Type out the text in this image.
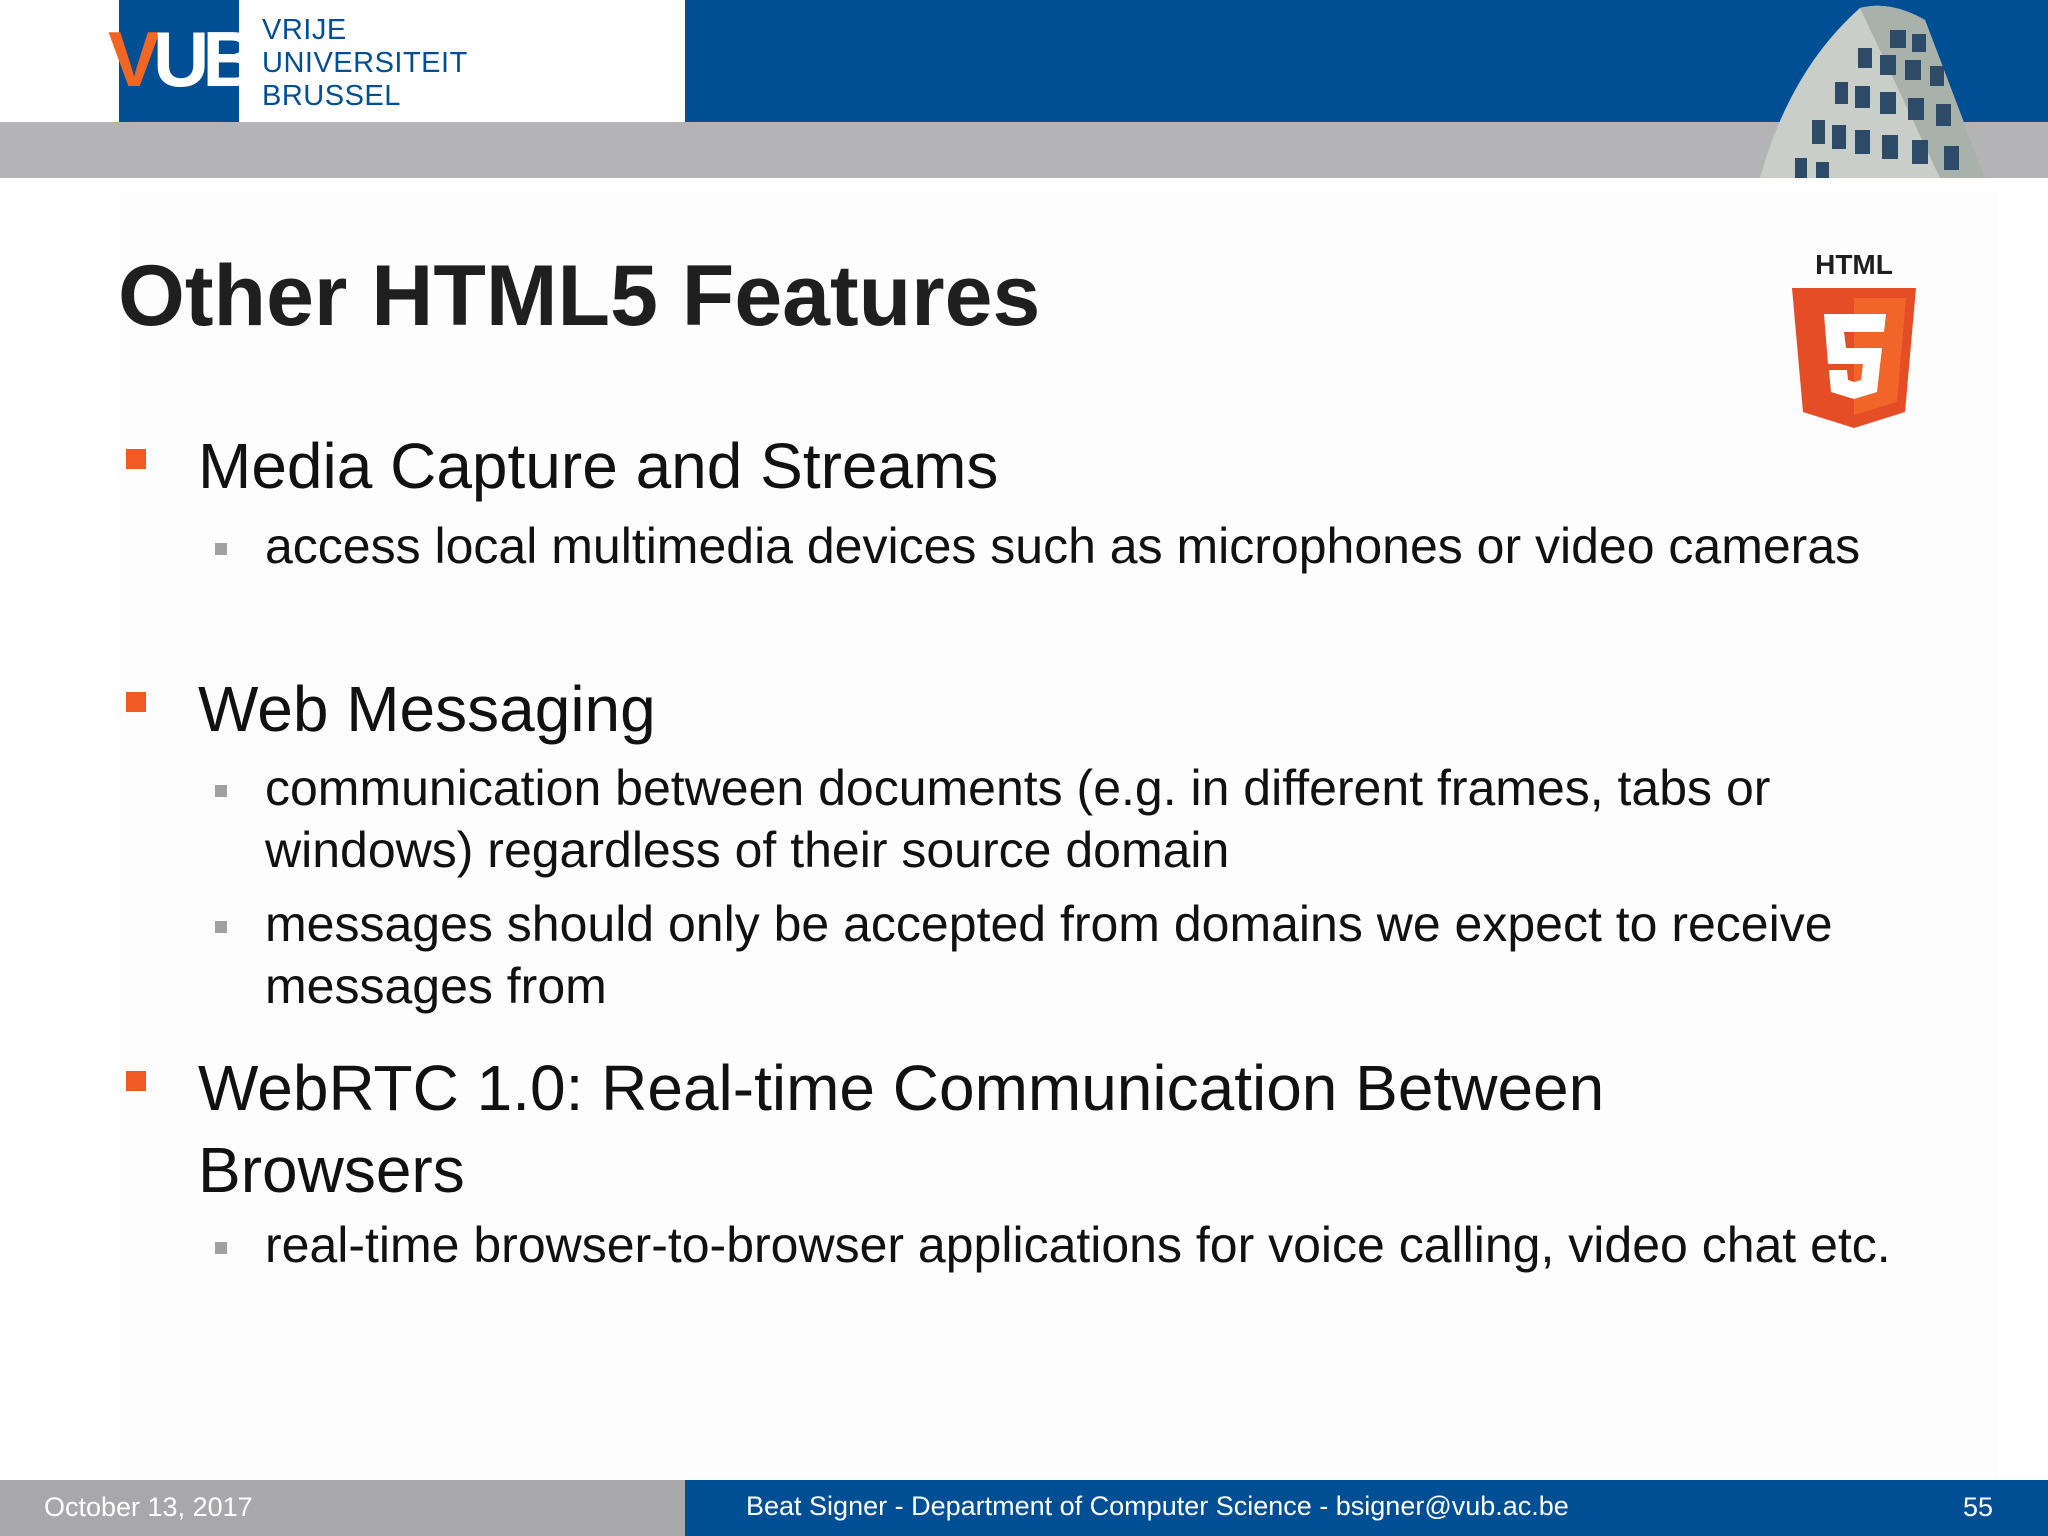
VUB VRIJE
UNIVERSITEIT
BRUSSEL
Other HTML5 Features	HTML
Media Capture and Streams
access local multimedia devices such as microphones or video cameras
Web Messaging
communication between documents (e.g. in different frames, tabs or windows) regardless of their source domain
messages should only be accepted from domains we expect to receive messages from
WebRTC 1.0: Real-time Communication Between Browsers
real-time browser-to-browser applications for voice calling, video chat etc.
October 13, 2017	Beat Signer - Department of Computer Science - bsigner@vub.ac.be	55
